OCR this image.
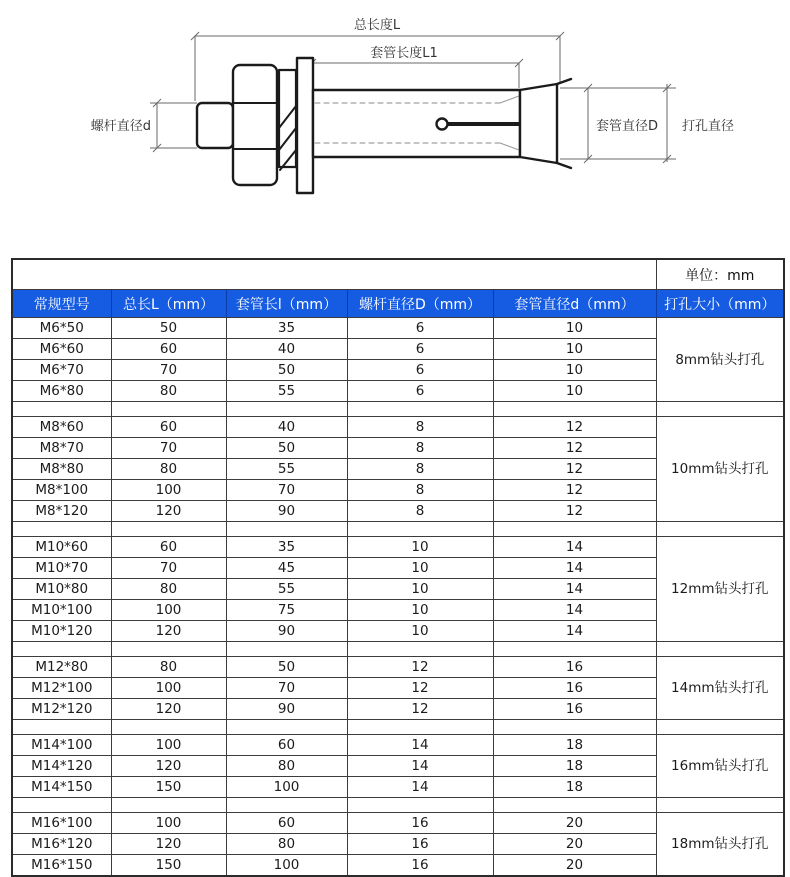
总长度L
套管长度L1
螺杆直径d	套管直径D 打孔直径
					单位：mm
常规型号	总长L（mm）	套管长l（mm）	螺杆直径D（mm）	套管直径d（mm）	打孔大小（mm）
M6*50	50	35	6	10	8mm钻头打孔
M6*60	60	40	6	10	
M6*70	70	50	6	10	
M6*80	80	55	6	10	

M8*60	60	40	8	12	10mm钻头打孔
M8*70	70	50	8	12	
M8*80	80	55	8	12	
M8*100	100	70	8	12	
M8*120	120	90	8	12	

M10*60	60	35	10	14	12mm钻头打孔
M10*70	70	45	10	14	
M10*80	80	55	10	14	
M10*100	100	75	10	14	
M10*120	120	90	10	14	

M12*80	80	50	12	16	14mm钻头打孔
M12*100	100	70	12	16	
M12*120	120	90	12	16	

M14*100	100	60	14	18	16mm钻头打孔
M14*120	120	80	14	18	
M14*150	150	100	14	18	

M16*100	100	60	16	20	18mm钻头打孔
M16*120	120	80	16	20	
M16*150	150	100	16	20	
